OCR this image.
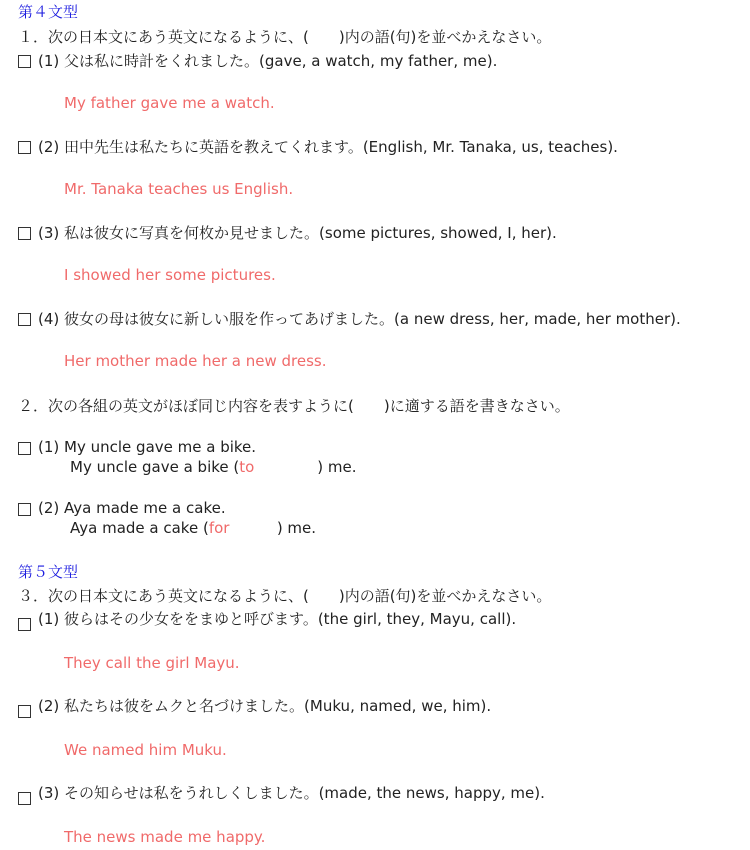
第４文型
１．次の日本文にあう英文になるように、(　　)内の語(句)を並べかえなさい。
(1) 父は私に時計をくれました。(gave, a watch, my father, me).
My father gave me a watch.
(2) 田中先生は私たちに英語を教えてくれます。(English, Mr. Tanaka, us, teaches).
Mr. Tanaka teaches us English.
(3) 私は彼女に写真を何枚か見せました。(some pictures, showed, I, her).
I showed her some pictures.
(4) 彼女の母は彼女に新しい服を作ってあげました。(a new dress, her, made, her mother).
Her mother made her a new dress.
２．次の各組の英文がほぼ同じ内容を表すように(　　)に適する語を書きなさい。
(1) My uncle gave me a bike.
My uncle gave a bike (to	) me.
(2) Aya made me a cake.
Aya made a cake (for	) me.
第５文型
３．次の日本文にあう英文になるように、(　　)内の語(句)を並べかえなさい。
(1) 彼らはその少女ををまゆと呼びます。(the girl, they, Mayu, call).
They call the girl Mayu.
(2) 私たちは彼をムクと名づけました。(Muku, named, we, him).
We named him Muku.
(3) その知らせは私をうれしくしました。(made, the news, happy, me).
The news made me happy.
